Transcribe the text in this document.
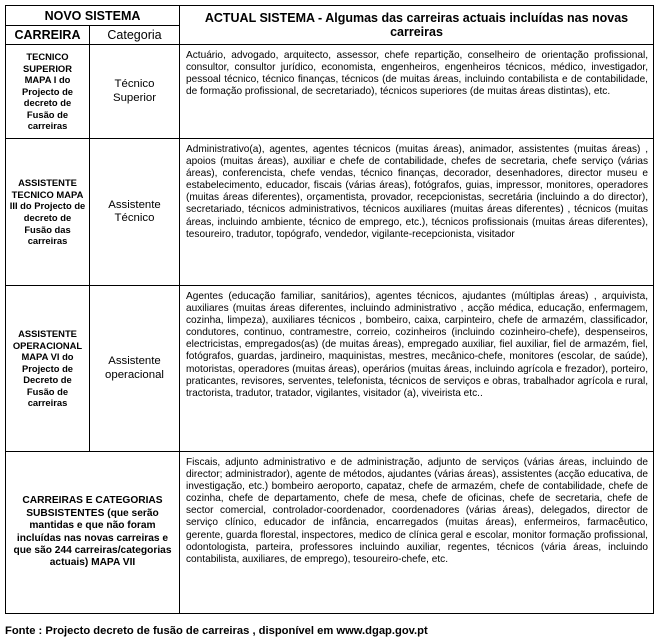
NOVO SISTEMA		ACTUAL SISTEMA - Algumas das carreiras actuais incluídas nas novas carreiras
CARREIRA	Categoria	
TECNICO SUPERIOR MAPA I do Projecto de decreto de Fusão de carreiras	Técnico Superior	Actuário, advogado, arquitecto, assessor, chefe repartição, conselheiro de orientação profissional, consultor, consultor jurídico, economista, engenheiros, engenheiros técnicos, médico, investigador, pessoal técnico, técnico finanças, técnicos (de muitas áreas, incluindo contabilista e de contabilidade, de formação profissional, de secretariado), técnicos superiores (de muitas áreas distintas), etc.
ASSISTENTE TECNICO MAPA III do Projecto de decreto de Fusão das carreiras	Assistente Técnico	Administrativo(a), agentes, agentes técnicos (muitas áreas), animador, assistentes (muitas áreas) , apoios (muitas áreas), auxiliar e chefe de contabilidade, chefes de secretaria, chefe serviço (várias áreas), conferencista, chefe vendas, técnico finanças, decorador, desenhadores, director museu e estabelecimento, educador, fiscais (várias áreas), fotógrafos, guias, impressor, monitores, operadores (muitas áreas diferentes), orçamentista, provador, recepcionistas, secretária (incluindo a do director), secretariado, técnicos administrativos, técnicos auxiliares (muitas áreas diferentes) , técnicos (muitas áreas, incluindo ambiente, técnico de emprego, etc.), técnicos profissionais (muitas áreas diferentes), tesoureiro, tradutor, topógrafo, vendedor, vigilante-recepcionista, visitador
ASSISTENTE OPERACIONAL MAPA VI do Projecto de Decreto de Fusão de carreiras	Assistente operacional	Agentes (educação familiar, sanitários), agentes técnicos, ajudantes (múltiplas áreas) , arquivista, auxiliares (muitas áreas diferentes, incluindo administrativo , acção médica, educação, enfermagem, cozinha, limpeza), auxiliares técnicos , bombeiro, caixa, carpinteiro, chefe de armazém, classificador, condutores, continuo, contramestre, correio, cozinheiros (incluindo cozinheiro-chefe), despenseiros, electricistas, empregados(as) (de muitas áreas), empregado auxiliar, fiel auxiliar, fiel de armazém, fiel, fotógrafos, guardas, jardineiro, maquinistas, mestres, mecânico-chefe, monitores (escolar, de saúde), motoristas, operadores (muitas áreas), operários (muitas áreas, incluindo agrícola e frezador), porteiro, praticantes, revisores, serventes, telefonista, técnicos de serviços e obras, trabalhador agrícola e rural, tractorista, tradutor, tratador, vigilantes, visitador (a), viveirista etc..
CARREIRAS E CATEGORIAS SUBSISTENTES (que serão mantidas e que não foram incluídas nas novas carreiras e que são 244 carreiras/categorias actuais) MAPA VII		Fiscais, adjunto administrativo e de administração, adjunto de serviços (várias áreas, incluindo de director; administrador), agente de métodos, ajudantes (várias áreas), assistentes (acção educativa, de investigação, etc.) bombeiro aeroporto, capataz, chefe de armazém, chefe de contabilidade, chefe de cozinha, chefe de departamento, chefe de mesa, chefe de oficinas, chefe de secretaria, chefe de sector comercial, controlador-coordenador, coordenadores (várias áreas), delegados, director de serviço clínico, educador de infância, encarregados (muitas áreas), enfermeiros, farmacêutico, gerente, guarda florestal, inspectores, medico de clínica geral e escolar, monitor formação profissional, odontologista, parteira, professores incluindo auxiliar, regentes, técnicos (vária áreas, incluindo contabilista, auxiliares, de emprego), tesoureiro-chefe, etc.
Fonte : Projecto decreto de fusão de carreiras , disponível em www.dgap.gov.pt
